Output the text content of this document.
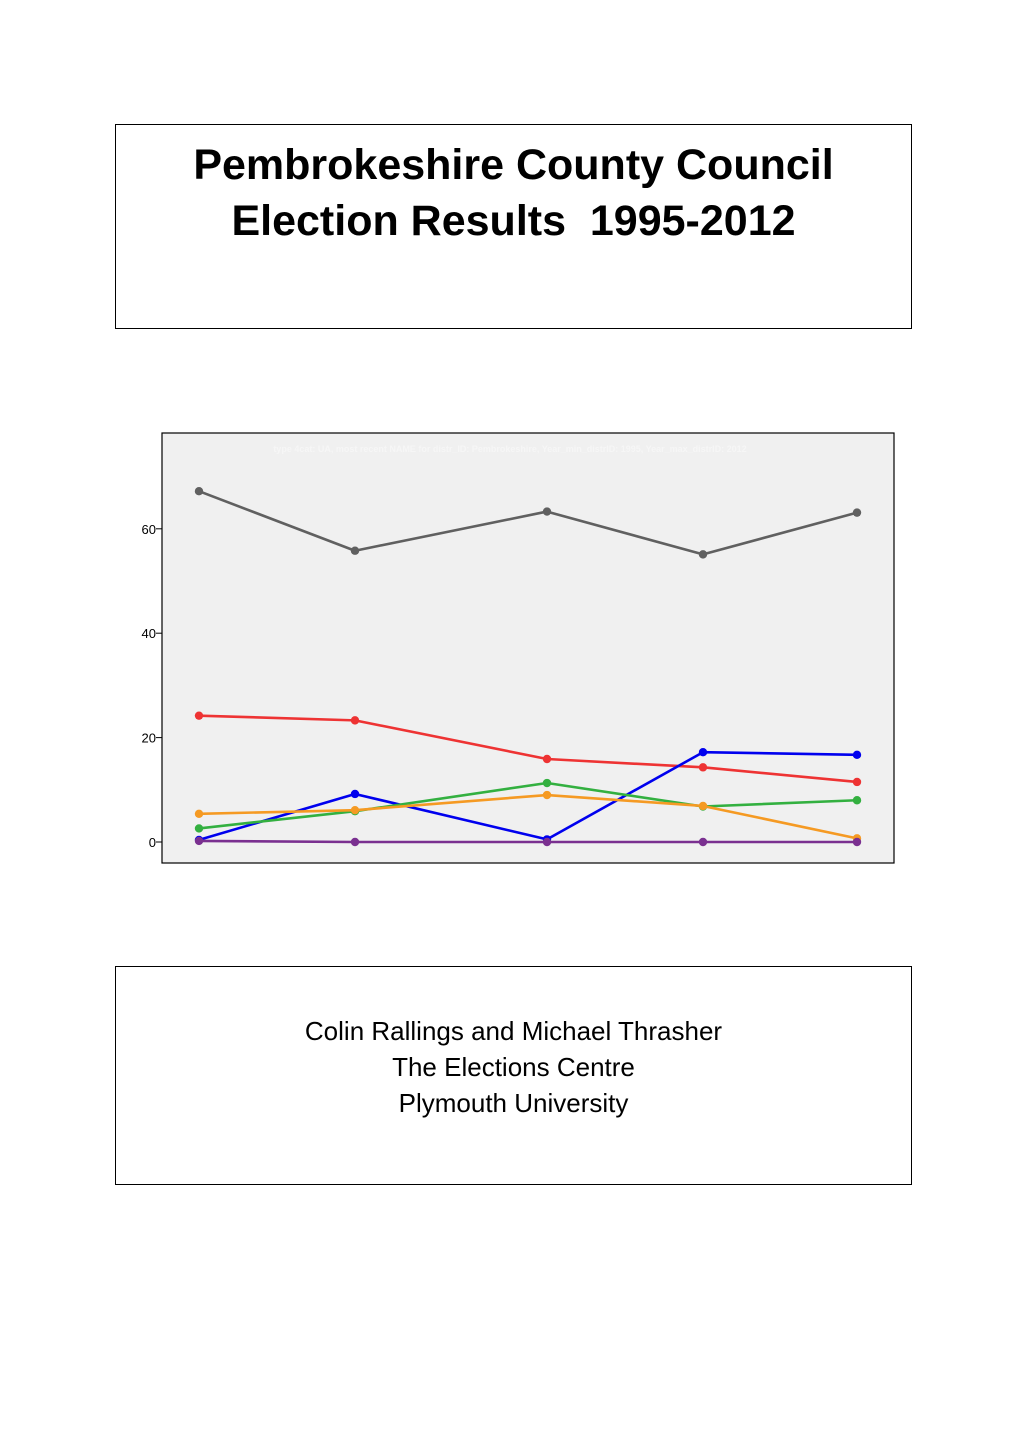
Pembrokeshire County Council

Election Results  1995-2012

type 4cat: UA, most recent NAME for distr_ID: Pembrokeshire, Year_min_distrID: 1995, Year_max_distrID: 2012
0
20
40
60

Colin Rallings and Michael Thrasher

The Elections Centre

Plymouth University
